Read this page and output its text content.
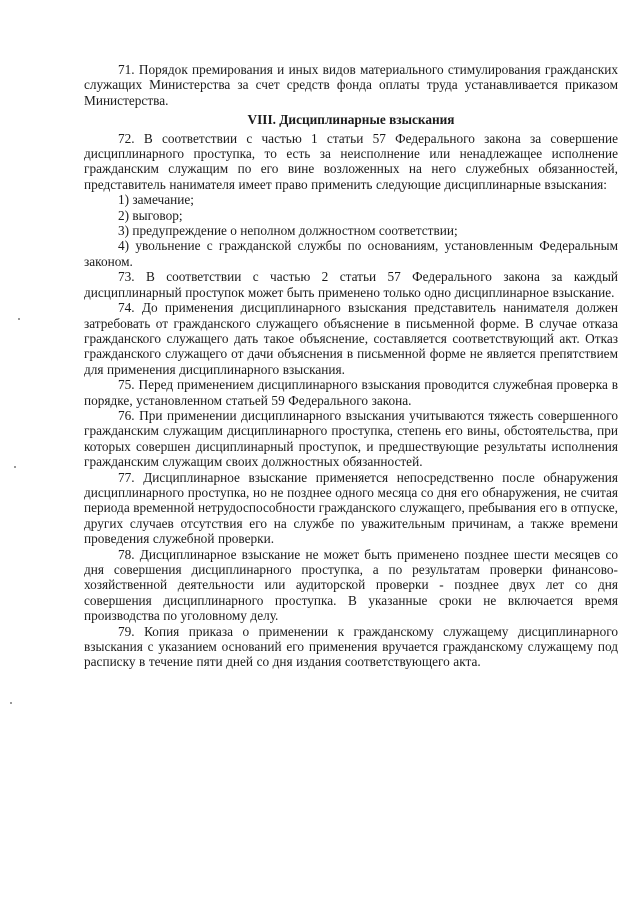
71. Порядок премирования и иных видов материального стимулирования гражданских служащих Министерства за счет средств фонда оплаты труда устанавливается приказом Министерства.

VIII. Дисциплинарные взыскания

72. В соответствии с частью 1 статьи 57 Федерального закона за совершение дисциплинарного проступка, то есть за неисполнение или ненадлежащее исполнение гражданским служащим по его вине возложенных на него служебных обязанностей, представитель нанимателя имеет право применить следующие дисциплинарные взыскания:

1) замечание;

2) выговор;

3) предупреждение о неполном должностном соответствии;

4) увольнение с гражданской службы по основаниям, установленным Федеральным законом.

73. В соответствии с частью 2 статьи 57 Федерального закона за каждый дисциплинарный проступок может быть применено только одно дисциплинарное взыскание.

74. До применения дисциплинарного взыскания представитель нанимателя должен затребовать от гражданского служащего объяснение в письменной форме. В случае отказа гражданского служащего дать такое объяснение, составляется соответствующий акт. Отказ гражданского служащего от дачи объяснения в письменной форме не является препятствием для применения дисциплинарного взыскания.

75. Перед применением дисциплинарного взыскания проводится служебная проверка в порядке, установленном статьей 59 Федерального закона.

76. При применении дисциплинарного взыскания учитываются тяжесть совершенного гражданским служащим дисциплинарного проступка, степень его вины, обстоятельства, при которых совершен дисциплинарный проступок, и предшествующие результаты исполнения гражданским служащим своих должностных обязанностей.

77. Дисциплинарное взыскание применяется непосредственно после обнаружения дисциплинарного проступка, но не позднее одного месяца со дня его обнаружения, не считая периода временной нетрудоспособности гражданского служащего, пребывания его в отпуске, других случаев отсутствия его на службе по уважительным причинам, а также времени проведения служебной проверки.

78. Дисциплинарное взыскание не может быть применено позднее шести месяцев со дня совершения дисциплинарного проступка, а по результатам проверки финансово-хозяйственной деятельности или аудиторской проверки - позднее двух лет со дня совершения дисциплинарного проступка. В указанные сроки не включается время производства по уголовному делу.

79. Копия приказа о применении к гражданскому служащему дисциплинарного взыскания с указанием оснований его применения вручается гражданскому служащему под расписку в течение пяти дней со дня издания соответствующего акта.
